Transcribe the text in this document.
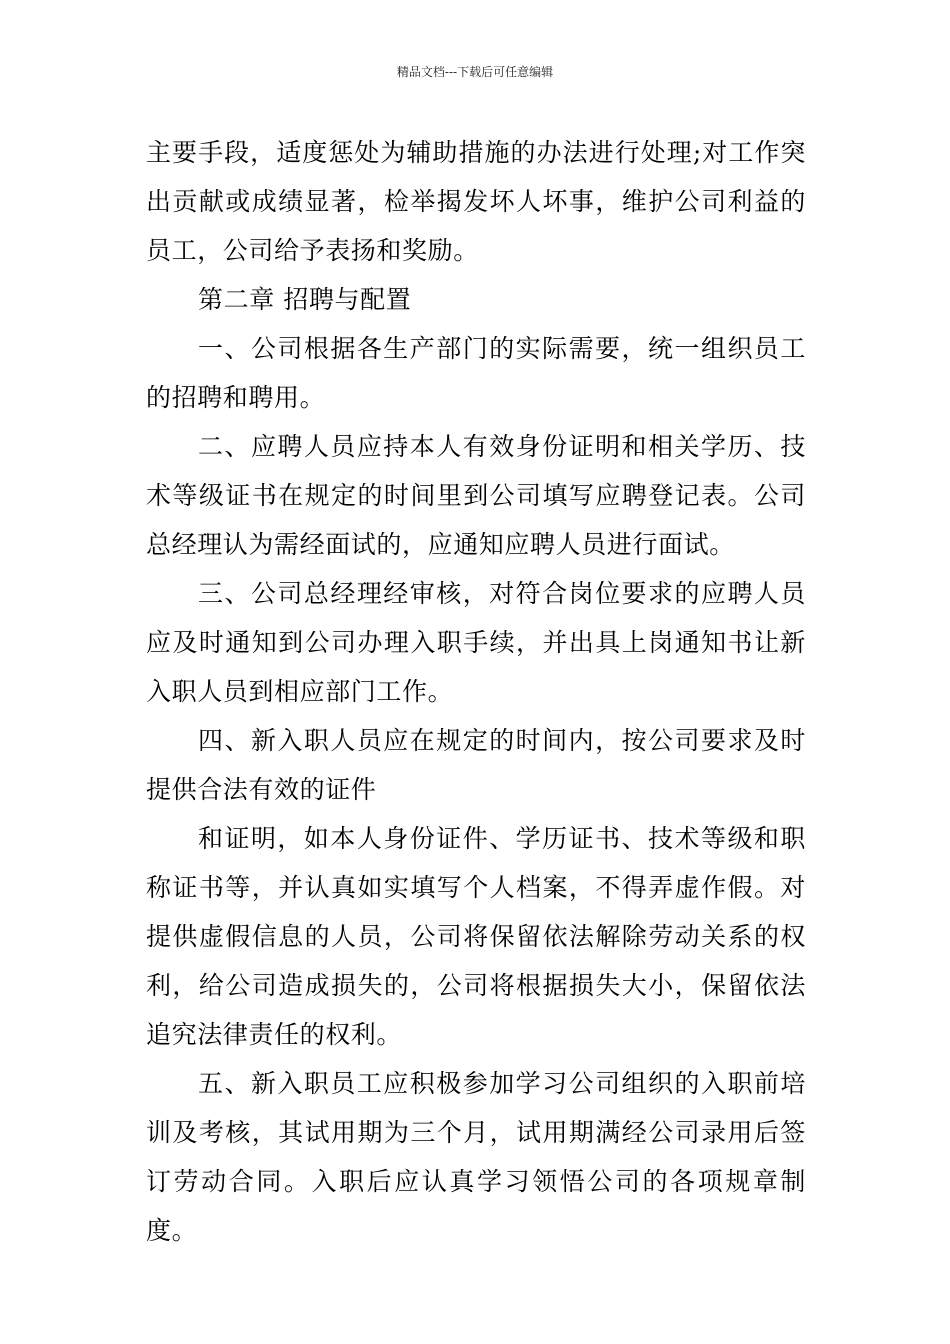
精品文档---下载后可任意编辑

主要手段，适度惩处为辅助措施的办法进行处理;对工作突出贡献或成绩显著，检举揭发坏人坏事，维护公司利益的员工，公司给予表扬和奖励。

第二章 招聘与配置

一、公司根据各生产部门的实际需要，统一组织员工的招聘和聘用。

二、应聘人员应持本人有效身份证明和相关学历、技术等级证书在规定的时间里到公司填写应聘登记表。公司总经理认为需经面试的，应通知应聘人员进行面试。

三、公司总经理经审核，对符合岗位要求的应聘人员应及时通知到公司办理入职手续，并出具上岗通知书让新入职人员到相应部门工作。

四、新入职人员应在规定的时间内，按公司要求及时提供合法有效的证件

和证明，如本人身份证件、学历证书、技术等级和职称证书等，并认真如实填写个人档案，不得弄虚作假。对提供虚假信息的人员，公司将保留依法解除劳动关系的权利，给公司造成损失的，公司将根据损失大小，保留依法追究法律责任的权利。

五、新入职员工应积极参加学习公司组织的入职前培训及考核，其试用期为三个月，试用期满经公司录用后签订劳动合同。入职后应认真学习领悟公司的各项规章制度。
